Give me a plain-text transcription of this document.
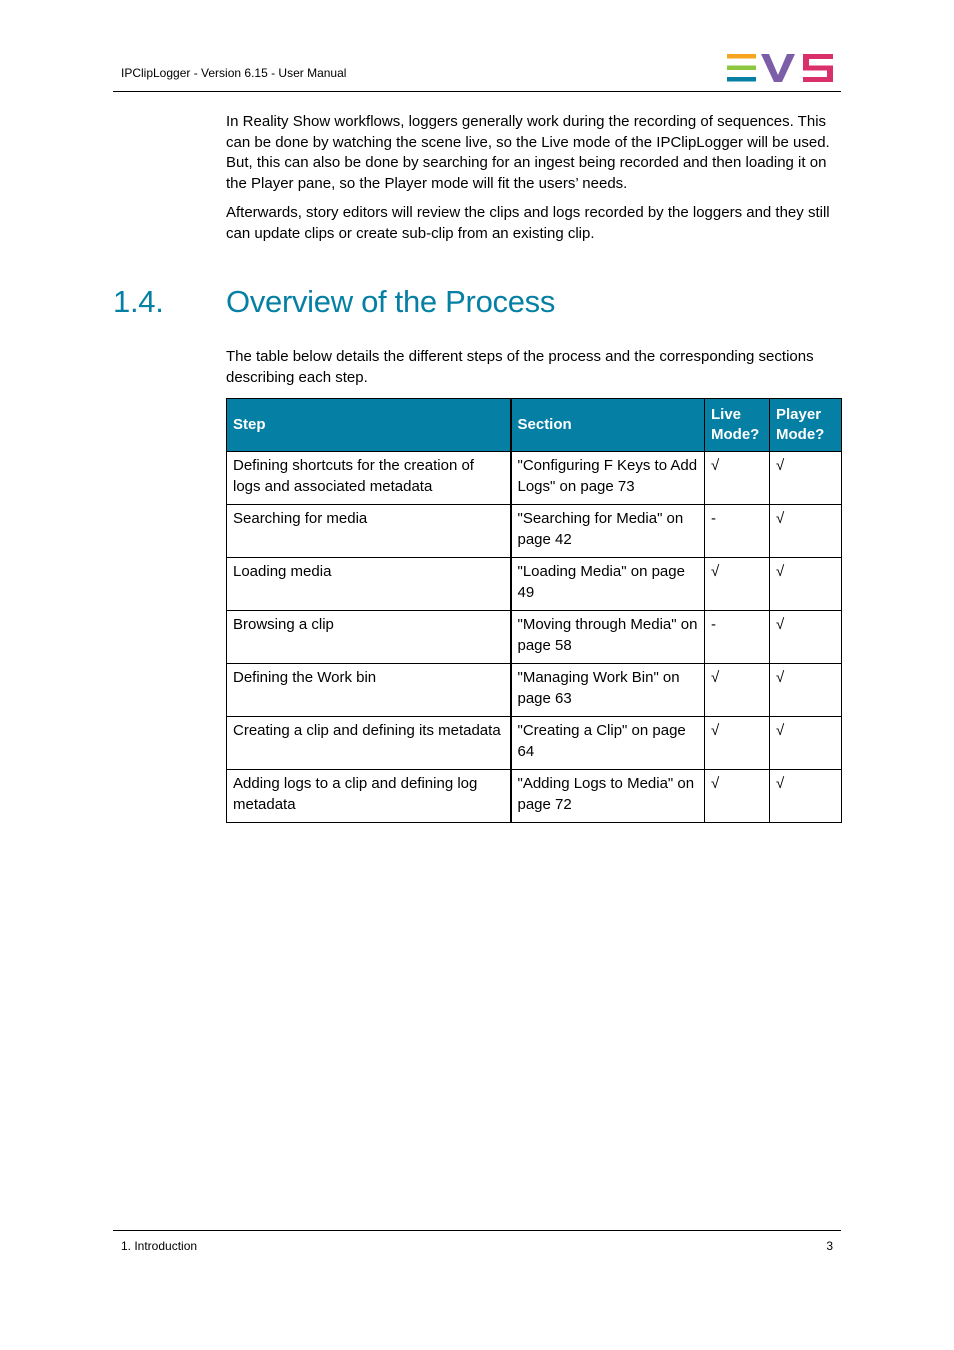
IPClipLogger - Version 6.15 - User Manual
In Reality Show workflows, loggers generally work during the recording of sequences. This can be done by watching the scene live, so the Live mode of the IPClipLogger will be used. But, this can also be done by searching for an ingest being recorded and then loading it on the Player pane, so the Player mode will fit the users’ needs.
Afterwards, story editors will review the clips and logs recorded by the loggers and they still can update clips or create sub-clip from an existing clip.
1.4. Overview of the Process
The table below details the different steps of the process and the corresponding sections describing each step.
Step	Section	Live Mode?	Player Mode?
Defining shortcuts for the creation of logs and associated metadata	"Configuring F Keys to Add Logs" on page 73	√	√
Searching for media	"Searching for Media" on page 42	-	√
Loading media	"Loading Media" on page 49	√	√
Browsing a clip	"Moving through Media" on page 58	-	√
Defining the Work bin	"Managing Work Bin" on page 63	√	√
Creating a clip and defining its metadata	"Creating a Clip" on page 64	√	√
Adding logs to a clip and defining log metadata	"Adding Logs to Media" on page 72	√	√
1. Introduction	3
